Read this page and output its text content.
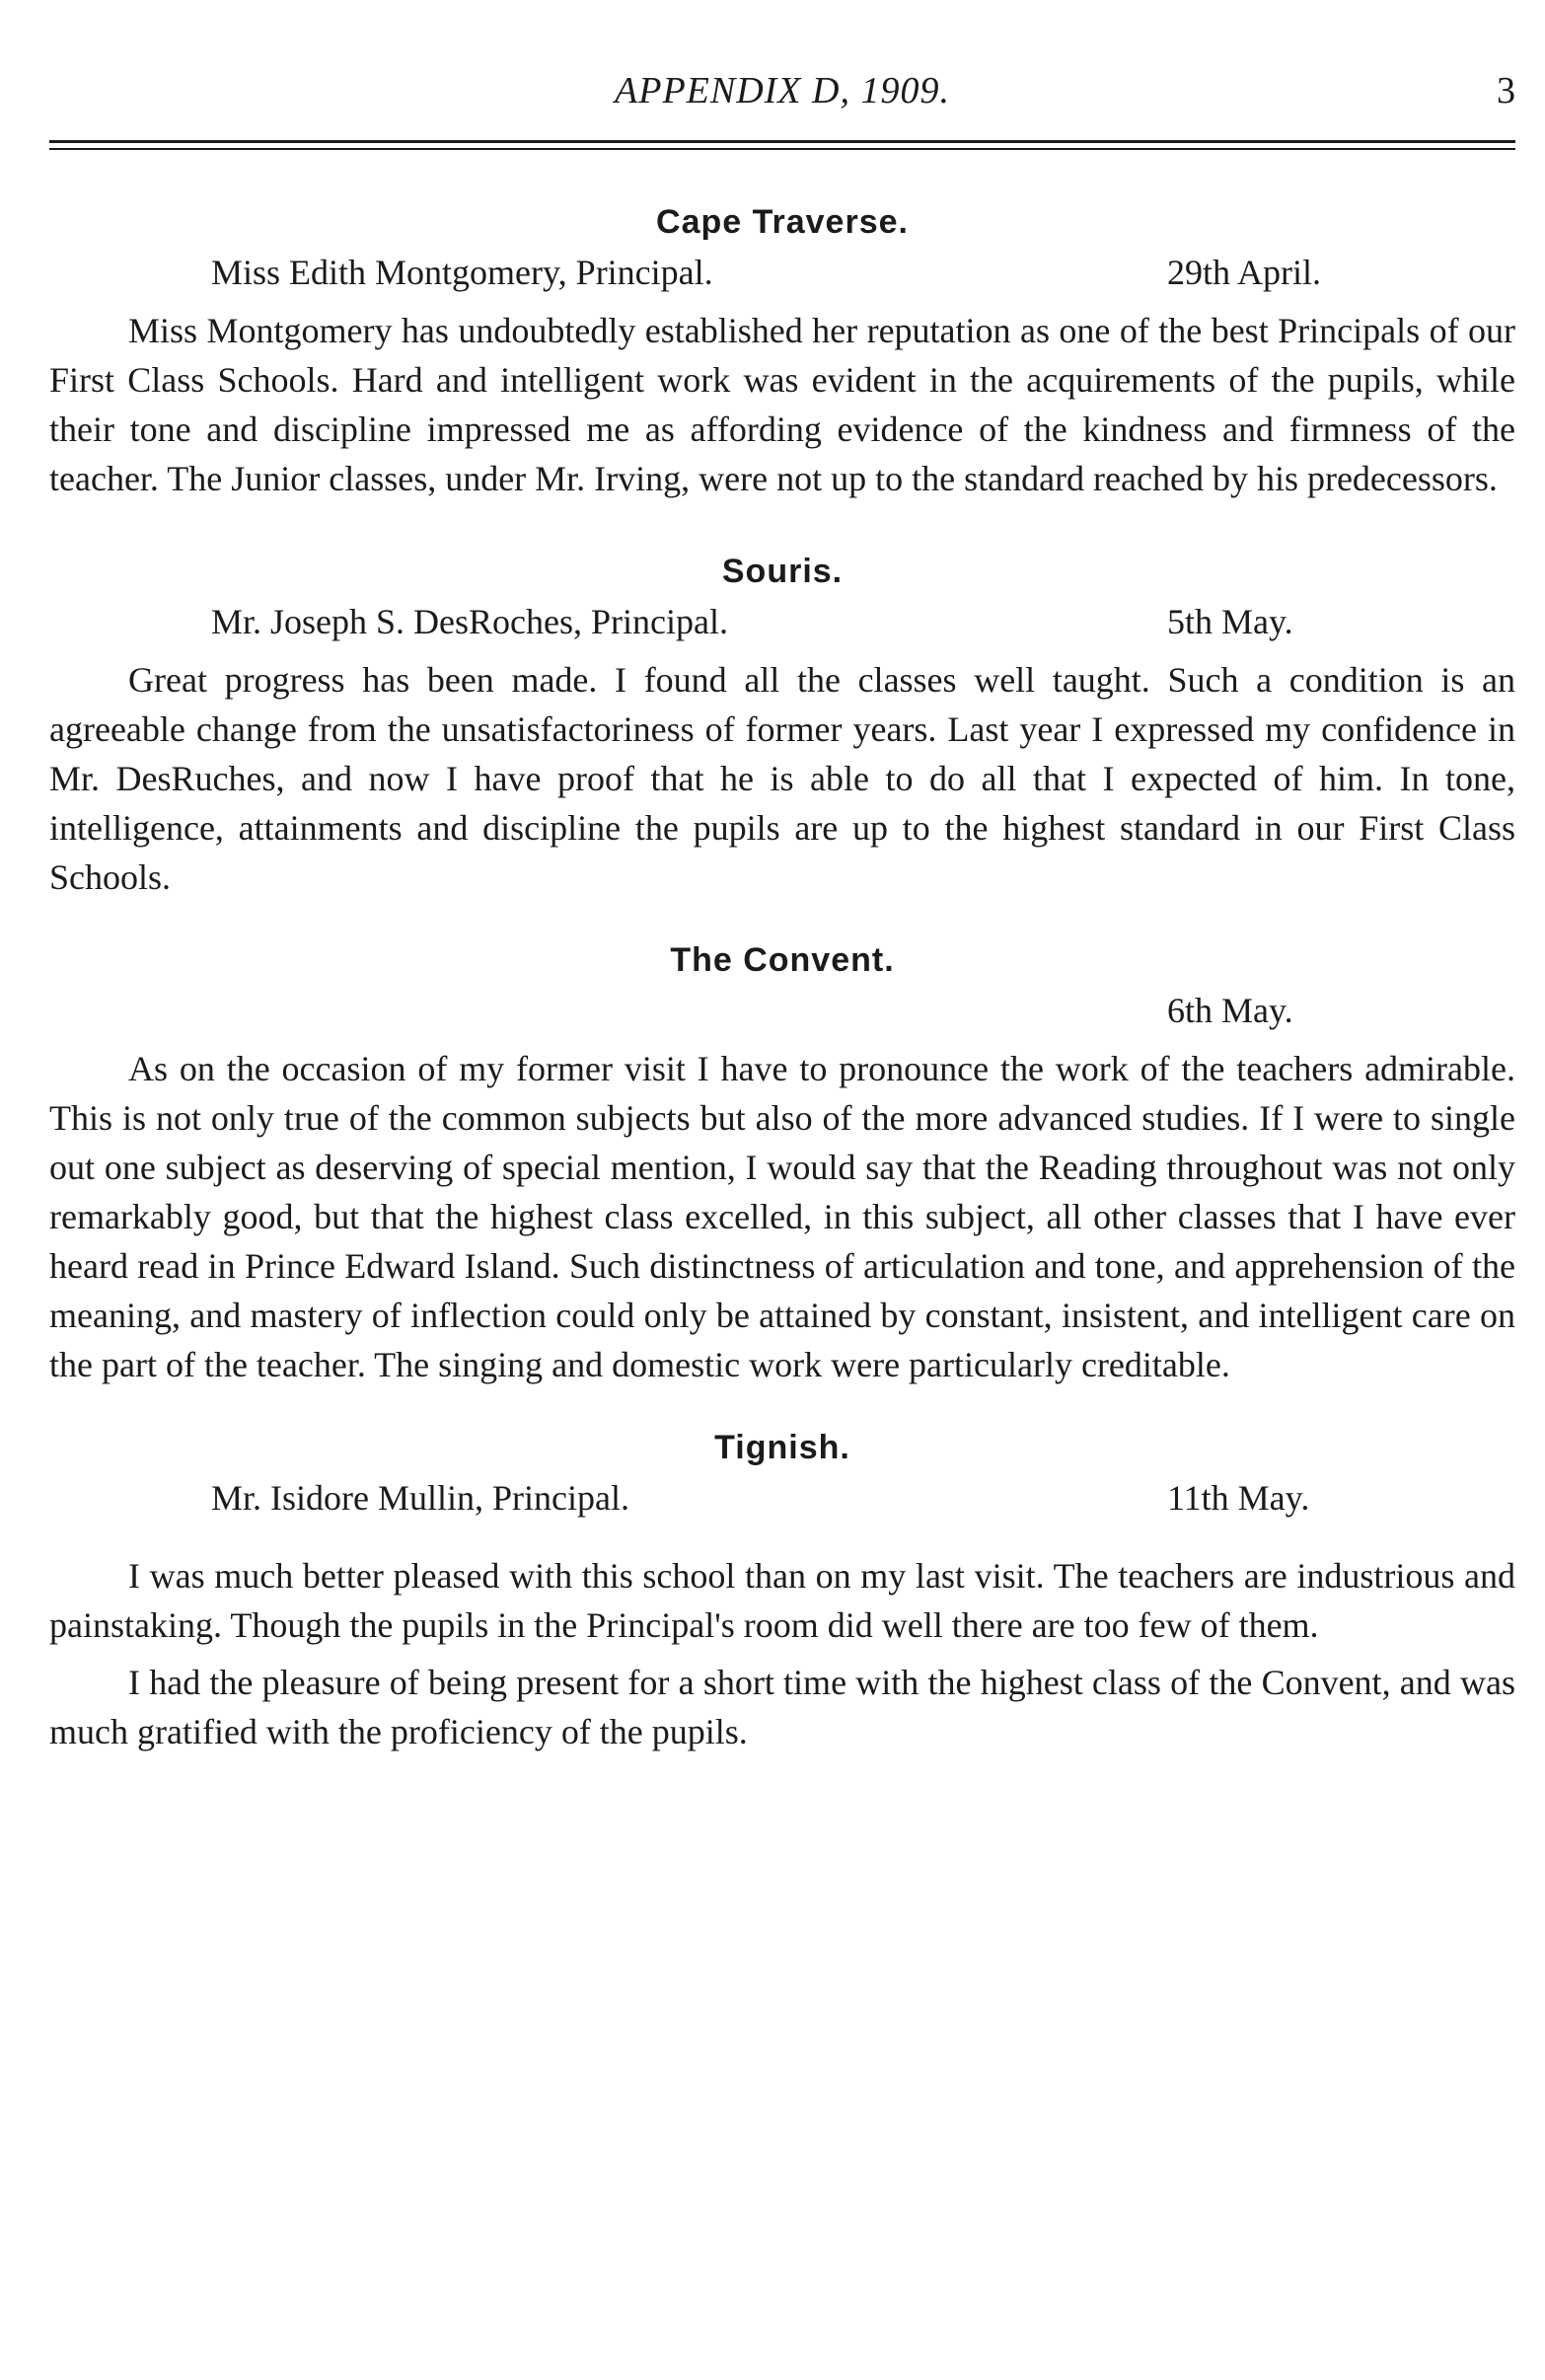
APPENDIX D, 1909.	3
Cape Traverse.
Miss Edith Montgomery, Principal.	29th April.

Miss Montgomery has undoubtedly established her reputation as one of the best Principals of our First Class Schools. Hard and intelligent work was evident in the acquirements of the pupils, while their tone and discipline impressed me as affording evidence of the kindness and firmness of the teacher. The Junior classes, under Mr. Irving, were not up to the standard reached by his predecessors.

Souris.
Mr. Joseph S. DesRoches, Principal.	5th May.

Great progress has been made. I found all the classes well taught. Such a condition is an agreeable change from the unsatisfactoriness of former years. Last year I expressed my confidence in Mr. DesRuches, and now I have proof that he is able to do all that I expected of him. In tone, intelligence, attainments and discipline the pupils are up to the highest standard in our First Class Schools.

The Convent.
6th May.

As on the occasion of my former visit I have to pronounce the work of the teachers admirable. This is not only true of the common subjects but also of the more advanced studies. If I were to single out one subject as deserving of special mention, I would say that the Reading throughout was not only remarkably good, but that the highest class excelled, in this subject, all other classes that I have ever heard read in Prince Edward Island. Such distinctness of articulation and tone, and apprehension of the meaning, and mastery of inflection could only be attained by constant, insistent, and intelligent care on the part of the teacher. The singing and domestic work were particularly creditable.

Tignish.
Mr. Isidore Mullin, Principal.	11th May.

I was much better pleased with this school than on my last visit. The teachers are industrious and painstaking. Though the pupils in the Principal's room did well there are too few of them.

I had the pleasure of being present for a short time with the highest class of the Convent, and was much gratified with the proficiency of the pupils.
